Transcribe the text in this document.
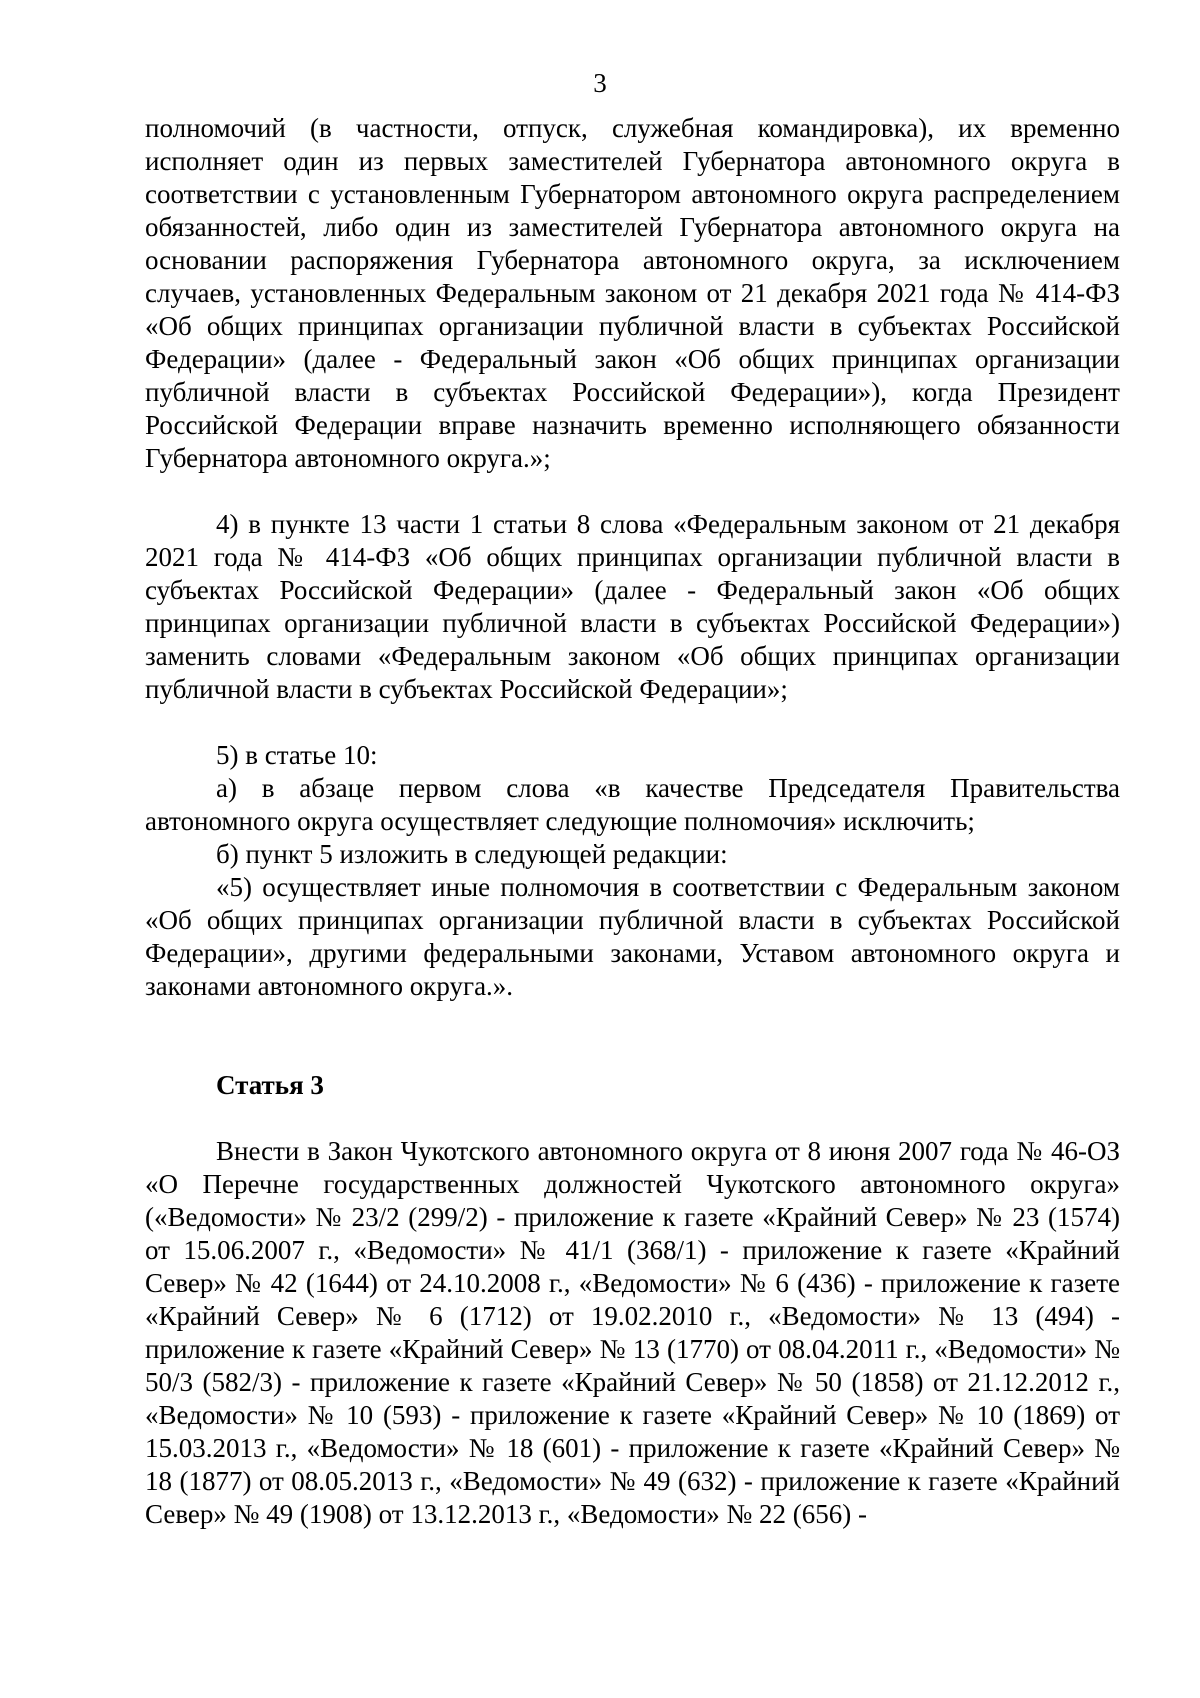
3

полномочий (в частности, отпуск, служебная командировка), их временно исполняет один из первых заместителей Губернатора автономного округа в соответствии с установленным Губернатором автономного округа распределением обязанностей, либо один из заместителей Губернатора автономного округа на основании распоряжения Губернатора автономного округа, за исключением случаев, установленных Федеральным законом от 21 декабря 2021 года № 414-ФЗ «Об общих принципах организации публичной власти в субъектах Российской Федерации» (далее - Федеральный закон «Об общих принципах организации публичной власти в субъектах Российской Федерации»), когда Президент Российской Федерации вправе назначить временно исполняющего обязанности Губернатора автономного округа.»;

4) в пункте 13 части 1 статьи 8 слова «Федеральным законом от 21 декабря 2021 года № 414-ФЗ «Об общих принципах организации публичной власти в субъектах Российской Федерации» (далее - Федеральный закон «Об общих принципах организации публичной власти в субъектах Российской Федерации») заменить словами «Федеральным законом «Об общих принципах организации публичной власти в субъектах Российской Федерации»;

5) в статье 10:

а) в абзаце первом слова «в качестве Председателя Правительства автономного округа осуществляет следующие полномочия» исключить;

б) пункт 5 изложить в следующей редакции:

«5) осуществляет иные полномочия в соответствии с Федеральным законом «Об общих принципах организации публичной власти в субъектах Российской Федерации», другими федеральными законами, Уставом автономного округа и законами автономного округа.».

Статья 3

Внести в Закон Чукотского автономного округа от 8 июня 2007 года № 46-ОЗ «О Перечне государственных должностей Чукотского автономного округа» («Ведомости» № 23/2 (299/2) - приложение к газете «Крайний Север» № 23 (1574) от 15.06.2007 г., «Ведомости» № 41/1 (368/1) - приложение к газете «Крайний Север» № 42 (1644) от 24.10.2008 г., «Ведомости» № 6 (436) - приложение к газете «Крайний Север» № 6 (1712) от 19.02.2010 г., «Ведомости» № 13 (494) - приложение к газете «Крайний Север» № 13 (1770) от 08.04.2011 г., «Ведомости» № 50/3 (582/3) - приложение к газете «Крайний Север» № 50 (1858) от 21.12.2012 г., «Ведомости» № 10 (593) - приложение к газете «Крайний Север» № 10 (1869) от 15.03.2013 г., «Ведомости» № 18 (601) - приложение к газете «Крайний Север» № 18 (1877) от 08.05.2013 г., «Ведомости» № 49 (632) - приложение к газете «Крайний Север» № 49 (1908) от 13.12.2013 г., «Ведомости» № 22 (656) -
